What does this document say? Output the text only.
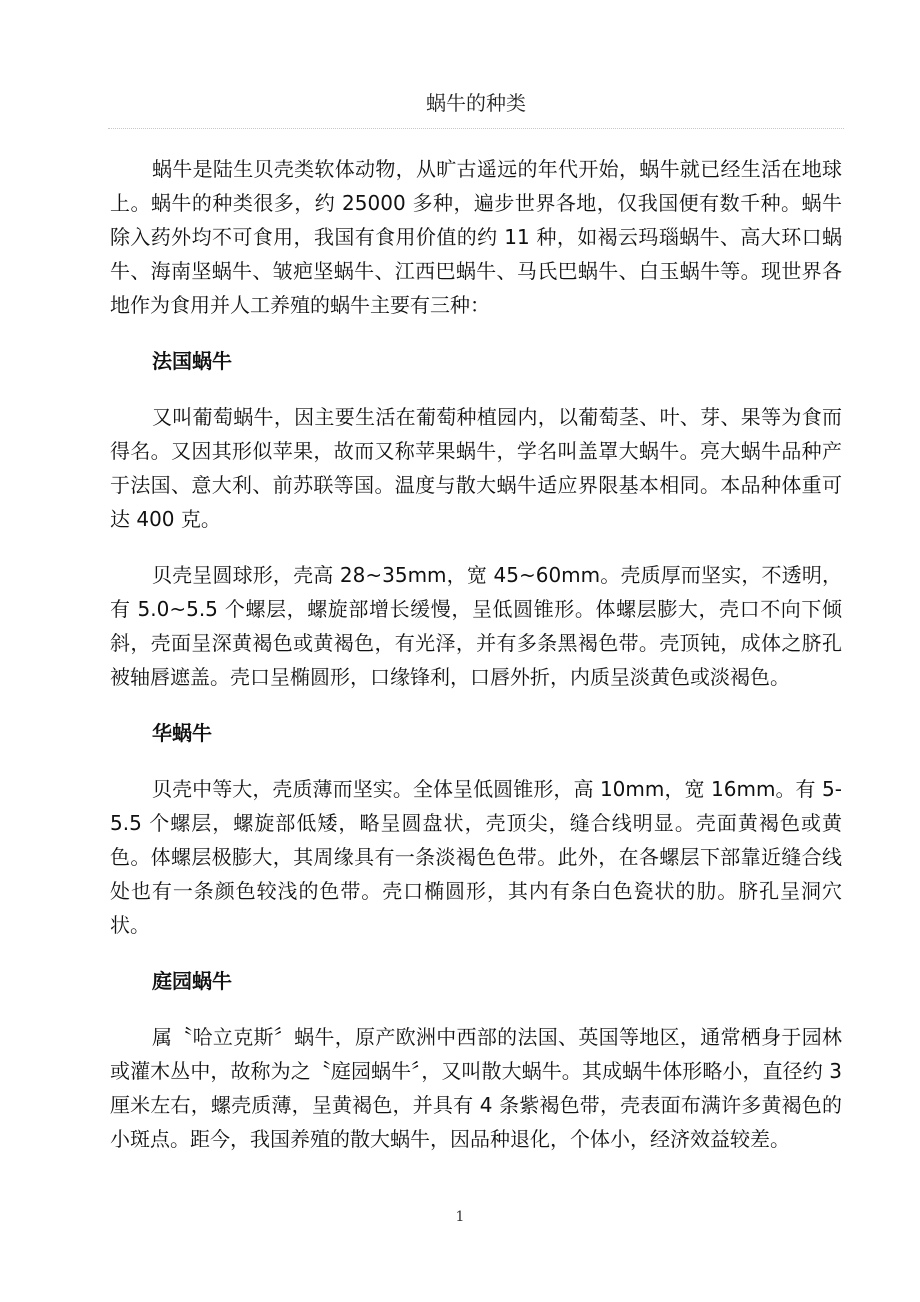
蜗牛的种类

蜗牛是陆生贝壳类软体动物，从旷古遥远的年代开始，蜗牛就已经生活在地球上。蜗牛的种类很多，约 25000 多种，遍步世界各地，仅我国便有数千种。蜗牛除入药外均不可食用，我国有食用价值的约 11 种，如褐云玛瑙蜗牛、高大环口蜗牛、海南坚蜗牛、皱疤坚蜗牛、江西巴蜗牛、马氏巴蜗牛、白玉蜗牛等。现世界各地作为食用并人工养殖的蜗牛主要有三种：

法国蜗牛

又叫葡萄蜗牛，因主要生活在葡萄种植园内，以葡萄茎、叶、芽、果等为食而得名。又因其形似苹果，故而又称苹果蜗牛，学名叫盖罩大蜗牛。亮大蜗牛品种产于法国、意大利、前苏联等国。温度与散大蜗牛适应界限基本相同。本品种体重可达 400 克。

贝壳呈圆球形，壳高 28~35mm，宽 45~60mm。壳质厚而坚实，不透明，有 5.0~5.5 个螺层，螺旋部增长缓慢，呈低圆锥形。体螺层膨大，壳口不向下倾斜，壳面呈深黄褐色或黄褐色，有光泽，并有多条黑褐色带。壳顶钝，成体之脐孔被轴唇遮盖。壳口呈椭圆形，口缘锋利，口唇外折，内质呈淡黄色或淡褐色。

华蜗牛

贝壳中等大，壳质薄而坚实。全体呈低圆锥形，高 10mm，宽 16mm。有 5-5.5 个螺层，螺旋部低矮，略呈圆盘状，壳顶尖，缝合线明显。壳面黄褐色或黄色。体螺层极膨大，其周缘具有一条淡褐色色带。此外，在各螺层下部靠近缝合线处也有一条颜色较浅的色带。壳口椭圆形，其内有条白色瓷状的肋。脐孔呈洞穴状。

庭园蜗牛

属〝哈立克斯〞蜗牛，原产欧洲中西部的法国、英国等地区，通常栖身于园林或灌木丛中，故称为之〝庭园蜗牛〞，又叫散大蜗牛。其成蜗牛体形略小，直径约 3 厘米左右，螺壳质薄，呈黄褐色，并具有 4 条紫褐色带，壳表面布满许多黄褐色的小斑点。距今，我国养殖的散大蜗牛，因品种退化，个体小，经济效益较差。

1
